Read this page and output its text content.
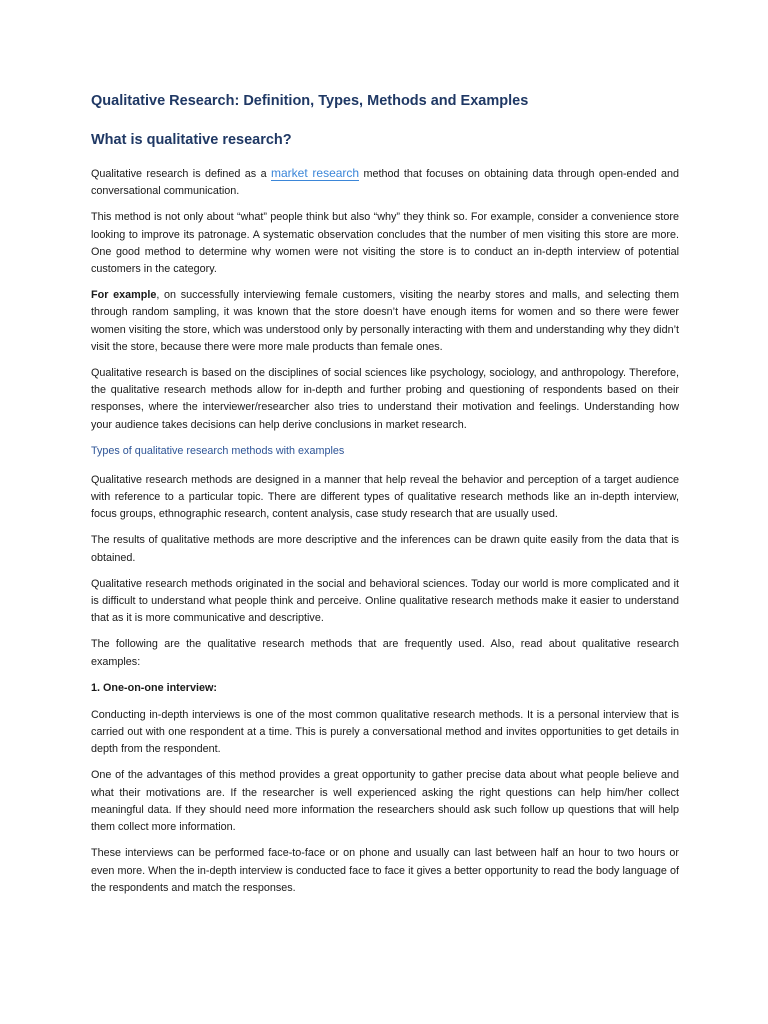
Qualitative Research: Definition, Types, Methods and Examples
What is qualitative research?

Qualitative research is defined as a market research method that focuses on obtaining data through open-ended and conversational communication.

This method is not only about “what” people think but also “why” they think so. For example, consider a convenience store looking to improve its patronage. A systematic observation concludes that the number of men visiting this store are more. One good method to determine why women were not visiting the store is to conduct an in-depth interview of potential customers in the category.

For example, on successfully interviewing female customers, visiting the nearby stores and malls, and selecting them through random sampling, it was known that the store doesn’t have enough items for women and so there were fewer women visiting the store, which was understood only by personally interacting with them and understanding why they didn’t visit the store, because there were more male products than female ones.

Qualitative research is based on the disciplines of social sciences like psychology, sociology, and anthropology. Therefore, the qualitative research methods allow for in-depth and further probing and questioning of respondents based on their responses, where the interviewer/researcher also tries to understand their motivation and feelings. Understanding how your audience takes decisions can help derive conclusions in market research.

Types of qualitative research methods with examples

Qualitative research methods are designed in a manner that help reveal the behavior and perception of a target audience with reference to a particular topic. There are different types of qualitative research methods like an in-depth interview, focus groups, ethnographic research, content analysis, case study research that are usually used.

The results of qualitative methods are more descriptive and the inferences can be drawn quite easily from the data that is obtained.

Qualitative research methods originated in the social and behavioral sciences. Today our world is more complicated and it is difficult to understand what people think and perceive. Online qualitative research methods make it easier to understand that as it is more communicative and descriptive.

The following are the qualitative research methods that are frequently used. Also, read about qualitative research examples:

1. One-on-one interview:

Conducting in-depth interviews is one of the most common qualitative research methods. It is a personal interview that is carried out with one respondent at a time. This is purely a conversational method and invites opportunities to get details in depth from the respondent.

One of the advantages of this method provides a great opportunity to gather precise data about what people believe and what their motivations are. If the researcher is well experienced asking the right questions can help him/her collect meaningful data. If they should need more information the researchers should ask such follow up questions that will help them collect more information.

These interviews can be performed face-to-face or on phone and usually can last between half an hour to two hours or even more. When the in-depth interview is conducted face to face it gives a better opportunity to read the body language of the respondents and match the responses.
